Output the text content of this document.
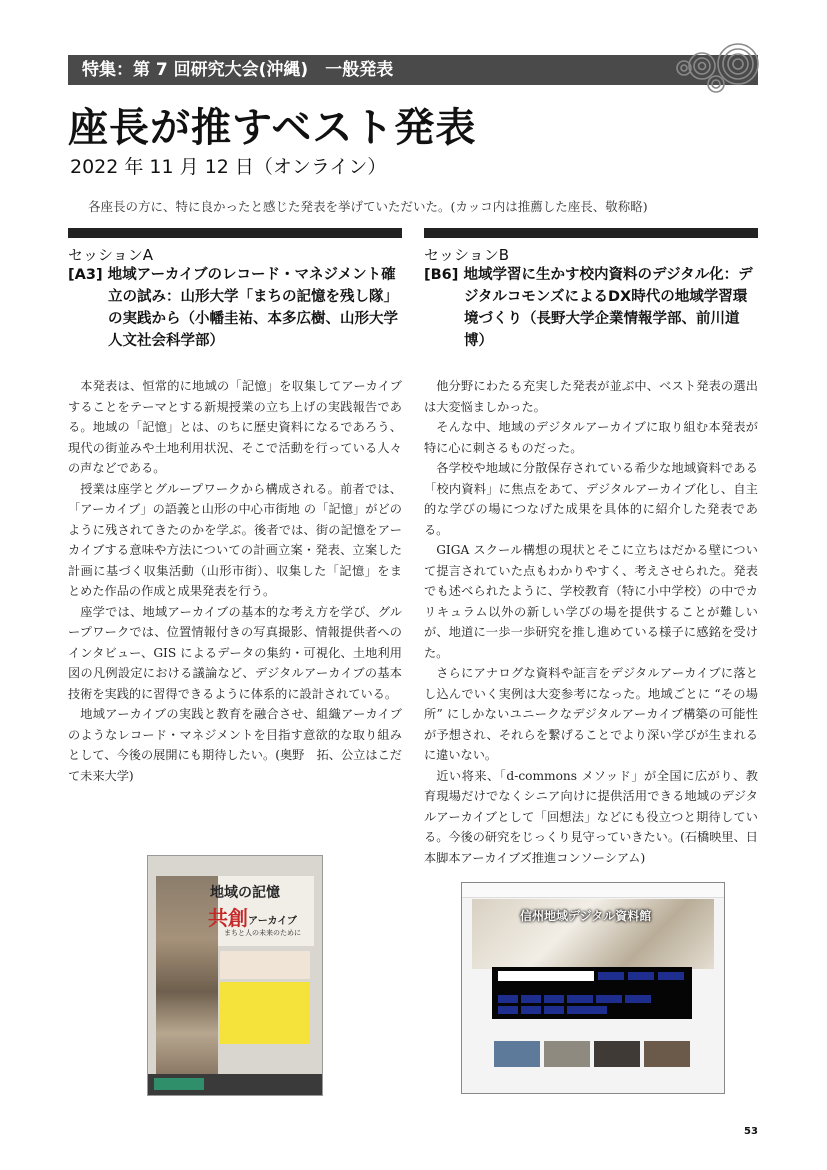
特集：第 7 回研究大会(沖縄)　一般発表
座長が推すベスト発表
2022 年 11 月 12 日（オンライン）
各座長の方に、特に良かったと感じた発表を挙げていただいた。(カッコ内は推薦した座長、敬称略)
セッションA
[A3] 地域アーカイブのレコード・マネジメント確立の試み：山形大学「まちの記憶を残し隊」の実践から（小幡圭祐、本多広樹、山形大学人文社会科学部）

本発表は、恒常的に地域の「記憶」を収集してアーカイブすることをテーマとする新規授業の立ち上げの実践報告である。地域の「記憶」とは、のちに歴史資料になるであろう、現代の街並みや土地利用状況、そこで活動を行っている人々の声などである。

授業は座学とグループワークから構成される。前者では、「アーカイブ」の語義と山形の中心市街地 の「記憶」がどのように残されてきたのかを学ぶ。後者では、街の記憶をアーカイブする意味や方法についての計画立案・発表、立案した計画に基づく収集活動（山形市街）、収集した「記憶」をまとめた作品の作成と成果発表を行う。

座学では、地域アーカイブの基本的な考え方を学び、グループワークでは、位置情報付きの写真撮影、情報提供者へのインタビュー、GIS によるデータの集約・可視化、土地利用図の凡例設定における議論など、デジタルアーカイブの基本技術を実践的に習得できるように体系的に設計されている。

地域アーカイブの実践と教育を融合させ、組織アーカイブのようなレコード・マネジメントを目指す意欲的な取り組みとして、今後の展開にも期待したい。(奥野　拓、公立はこだて未来大学)

セッションB
[B6] 地域学習に生かす校内資料のデジタル化：デジタルコモンズによるDX時代の地域学習環境づくり（長野大学企業情報学部、前川道博）

他分野にわたる充実した発表が並ぶ中、ベスト発表の選出は大変悩ましかった。

そんな中、地域のデジタルアーカイブに取り組む本発表が特に心に刺さるものだった。

各学校や地域に分散保存されている希少な地域資料である「校内資料」に焦点をあて、デジタルアーカイブ化し、自主的な学びの場につなげた成果を具体的に紹介した発表である。

GIGA スクール構想の現状とそこに立ちはだかる壁について提言されていた点もわかりやすく、考えさせられた。発表でも述べられたように、学校教育（特に小中学校）の中でカリキュラム以外の新しい学びの場を提供することが難しいが、地道に一歩一歩研究を推し進めている様子に感銘を受けた。

さらにアナログな資料や証言をデジタルアーカイブに落とし込んでいく実例は大変参考になった。地域ごとに “その場所” にしかないユニークなデジタルアーカイブ構築の可能性が予想され、それらを繋げることでより深い学びが生まれるに違いない。

近い将来、「d-commons メソッド」が全国に広がり、教育現場だけでなくシニア向けに提供活用できる地域のデジタルアーカイブとして「回想法」などにも役立つと期待している。今後の研究をじっくり見守っていきたい。(石橋映里、日本脚本アーカイブズ推進コンソーシアム)

地域の記憶
共創 アーカイブ
まちと人の未来のために
信州地域デジタル資料館
53
